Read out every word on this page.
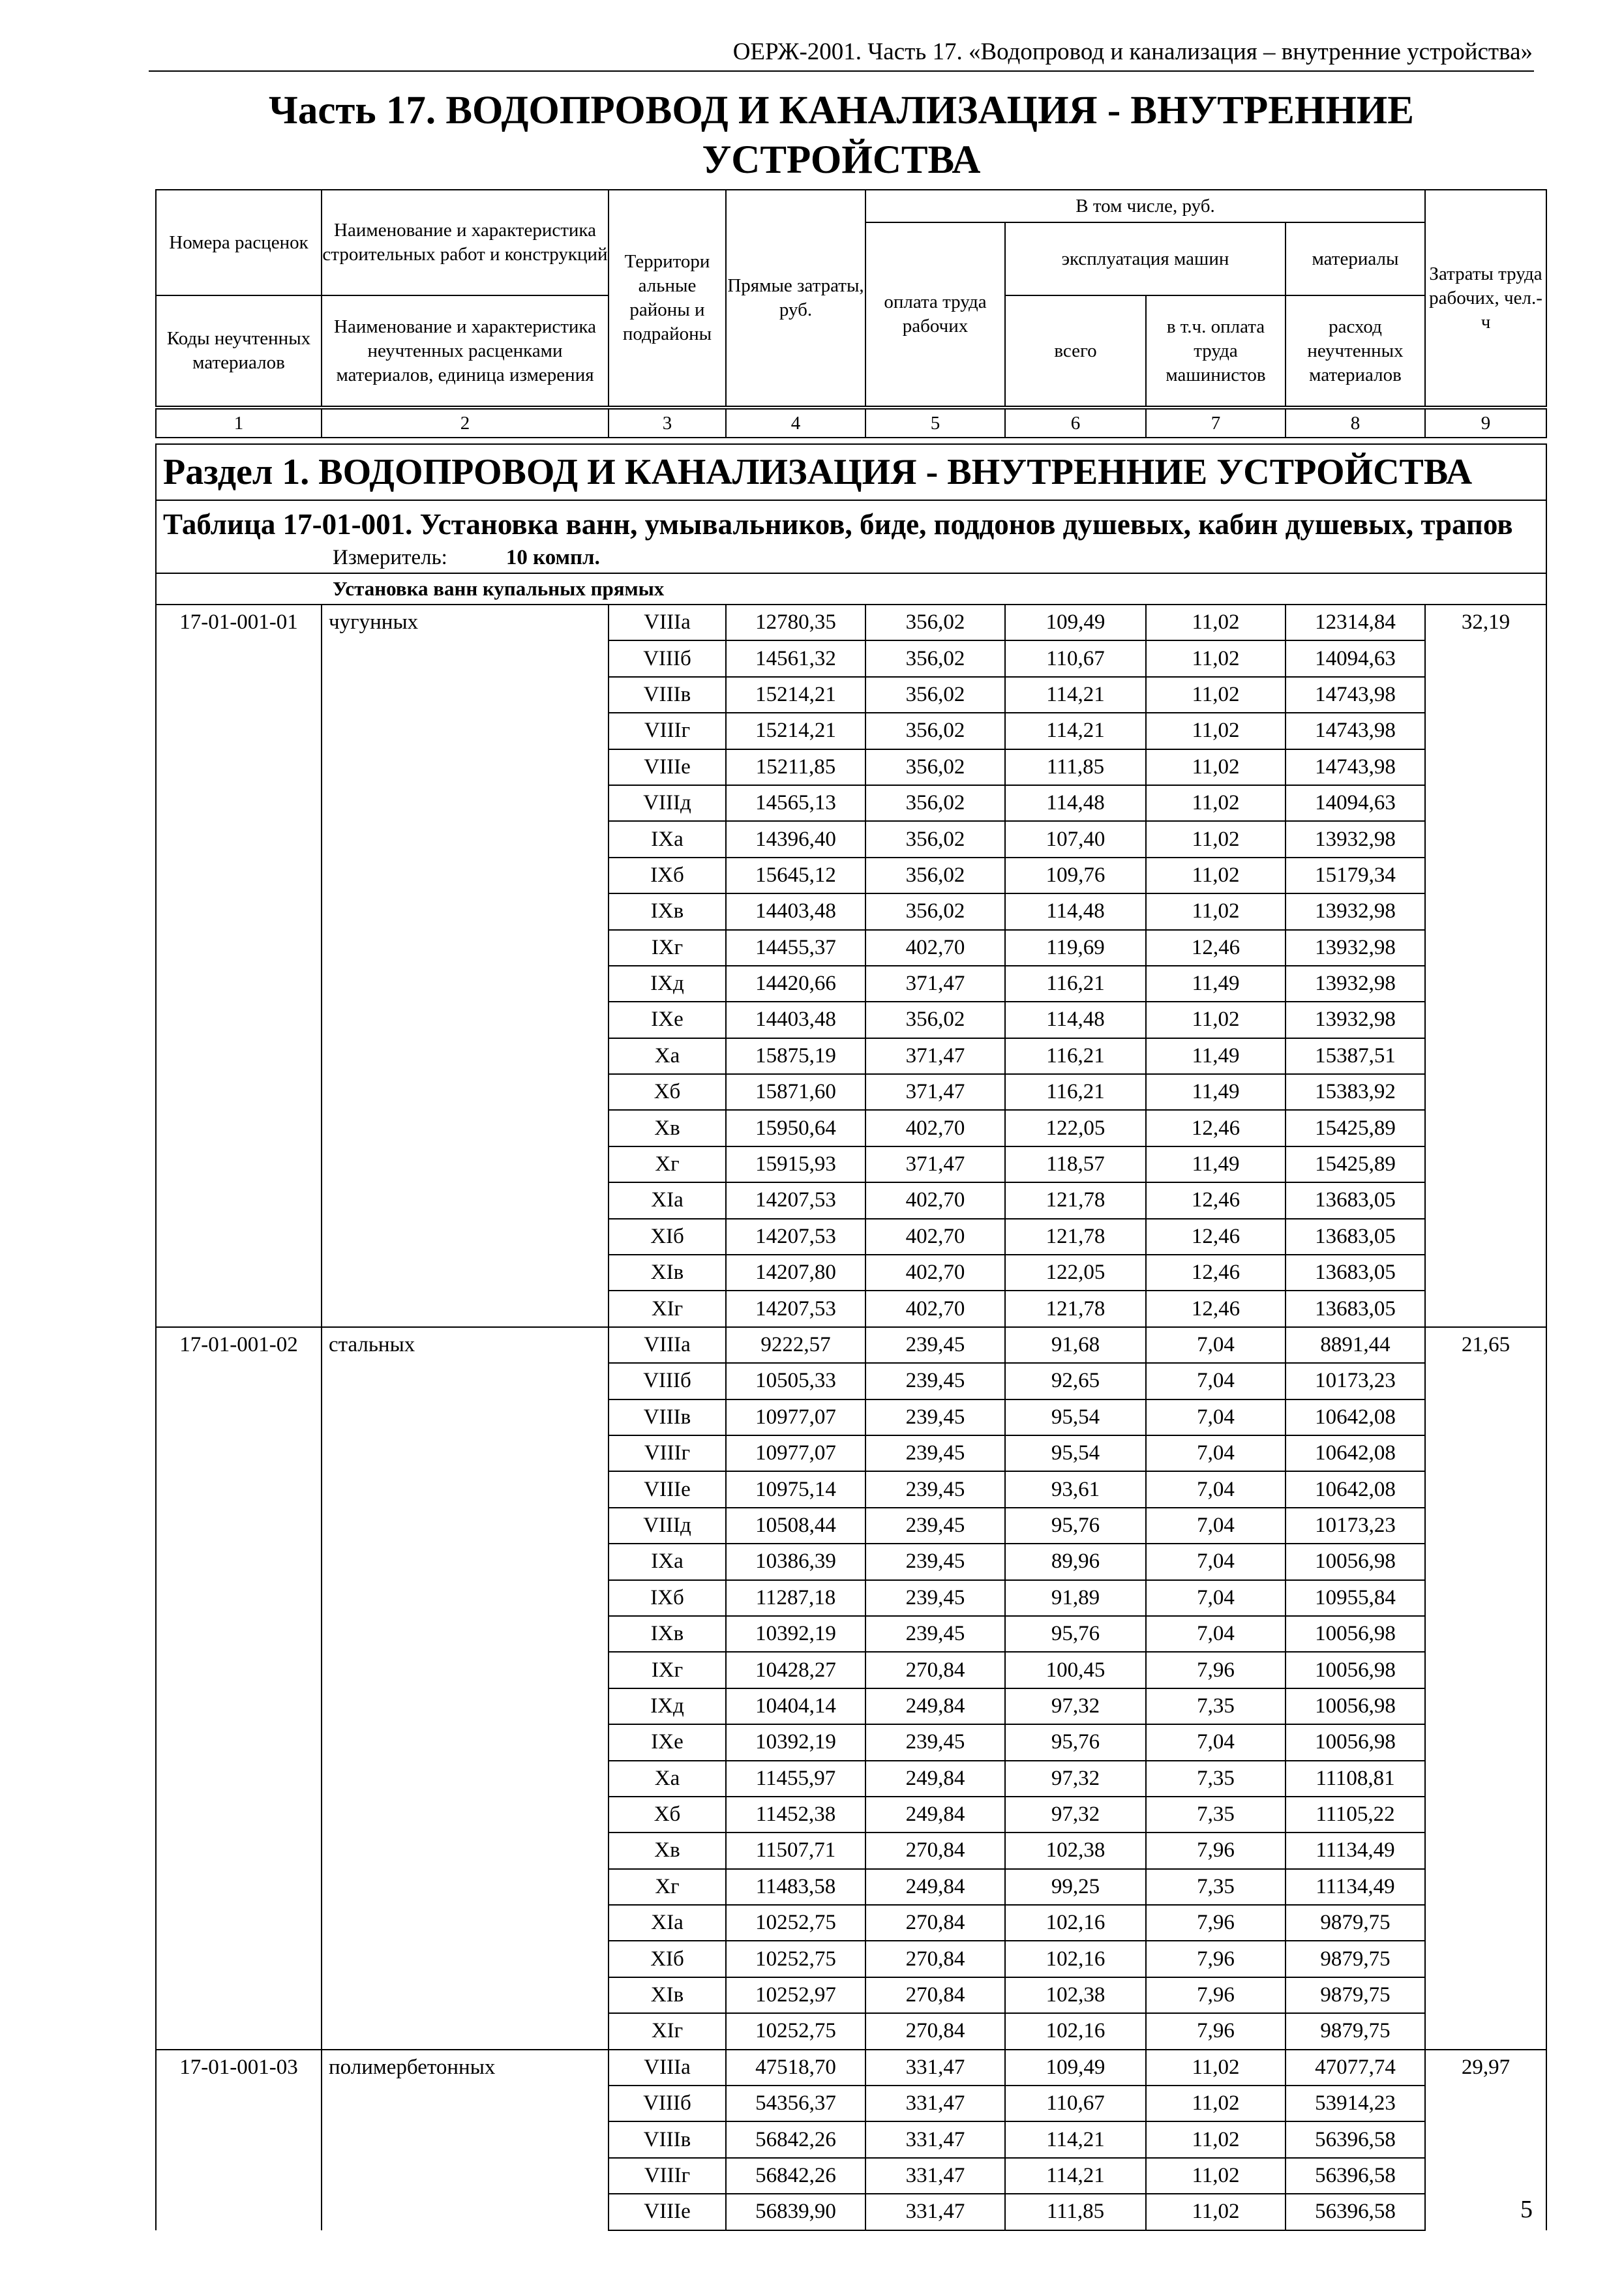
ОЕРЖ-2001. Часть 17. «Водопровод и канализация – внутренние устройства»
Часть 17. ВОДОПРОВОД И КАНАЛИЗАЦИЯ - ВНУТРЕННИЕ
УСТРОЙСТВА
Номера расценок	Наименование и характеристика строительных работ и конструкций	Территори альные районы и подрайоны	Прямые затраты, руб.	В том числе, руб.				Затраты труда рабочих, чел.-ч
				оплата труда рабочих	эксплуатация машин		материалы	
Коды неучтенных материалов	Наименование и характеристика неучтенных расценками материалов, единица измерения				всего	в т.ч. оплата труда машинистов	расход неучтенных материалов	
1	2	3	4	5	6	7	8	9
Раздел 1. ВОДОПРОВОД И КАНАЛИЗАЦИЯ - ВНУТРЕННИЕ УСТРОЙСТВА								
Таблица 17-01-001. Установка ванн, умывальников, биде, поддонов душевых, кабин душевых, трапов								
Измеритель: 10 компл.								
Установка ванн купальных прямых								
17-01-001-01	чугунных	VIIIа	12780,35	356,02	109,49	11,02	12314,84	32,19
		VIIIб	14561,32	356,02	110,67	11,02	14094,63	
		VIIIв	15214,21	356,02	114,21	11,02	14743,98	
		VIIIг	15214,21	356,02	114,21	11,02	14743,98	
		VIIIе	15211,85	356,02	111,85	11,02	14743,98	
		VIIIд	14565,13	356,02	114,48	11,02	14094,63	
		IXа	14396,40	356,02	107,40	11,02	13932,98	
		IXб	15645,12	356,02	109,76	11,02	15179,34	
		IXв	14403,48	356,02	114,48	11,02	13932,98	
		IXг	14455,37	402,70	119,69	12,46	13932,98	
		IXд	14420,66	371,47	116,21	11,49	13932,98	
		IXе	14403,48	356,02	114,48	11,02	13932,98	
		Xа	15875,19	371,47	116,21	11,49	15387,51	
		Xб	15871,60	371,47	116,21	11,49	15383,92	
		Xв	15950,64	402,70	122,05	12,46	15425,89	
		Xг	15915,93	371,47	118,57	11,49	15425,89	
		XIа	14207,53	402,70	121,78	12,46	13683,05	
		XIб	14207,53	402,70	121,78	12,46	13683,05	
		XIв	14207,80	402,70	122,05	12,46	13683,05	
		XIг	14207,53	402,70	121,78	12,46	13683,05	
17-01-001-02	стальных	VIIIа	9222,57	239,45	91,68	7,04	8891,44	21,65
		VIIIб	10505,33	239,45	92,65	7,04	10173,23	
		VIIIв	10977,07	239,45	95,54	7,04	10642,08	
		VIIIг	10977,07	239,45	95,54	7,04	10642,08	
		VIIIе	10975,14	239,45	93,61	7,04	10642,08	
		VIIIд	10508,44	239,45	95,76	7,04	10173,23	
		IXа	10386,39	239,45	89,96	7,04	10056,98	
		IXб	11287,18	239,45	91,89	7,04	10955,84	
		IXв	10392,19	239,45	95,76	7,04	10056,98	
		IXг	10428,27	270,84	100,45	7,96	10056,98	
		IXд	10404,14	249,84	97,32	7,35	10056,98	
		IXе	10392,19	239,45	95,76	7,04	10056,98	
		Xа	11455,97	249,84	97,32	7,35	11108,81	
		Xб	11452,38	249,84	97,32	7,35	11105,22	
		Xв	11507,71	270,84	102,38	7,96	11134,49	
		Xг	11483,58	249,84	99,25	7,35	11134,49	
		XIа	10252,75	270,84	102,16	7,96	9879,75	
		XIб	10252,75	270,84	102,16	7,96	9879,75	
		XIв	10252,97	270,84	102,38	7,96	9879,75	
		XIг	10252,75	270,84	102,16	7,96	9879,75	
17-01-001-03	полимербетонных	VIIIа	47518,70	331,47	109,49	11,02	47077,74	29,97
		VIIIб	54356,37	331,47	110,67	11,02	53914,23	
		VIIIв	56842,26	331,47	114,21	11,02	56396,58	
		VIIIг	56842,26	331,47	114,21	11,02	56396,58	
		VIIIе	56839,90	331,47	111,85	11,02	56396,58		5
